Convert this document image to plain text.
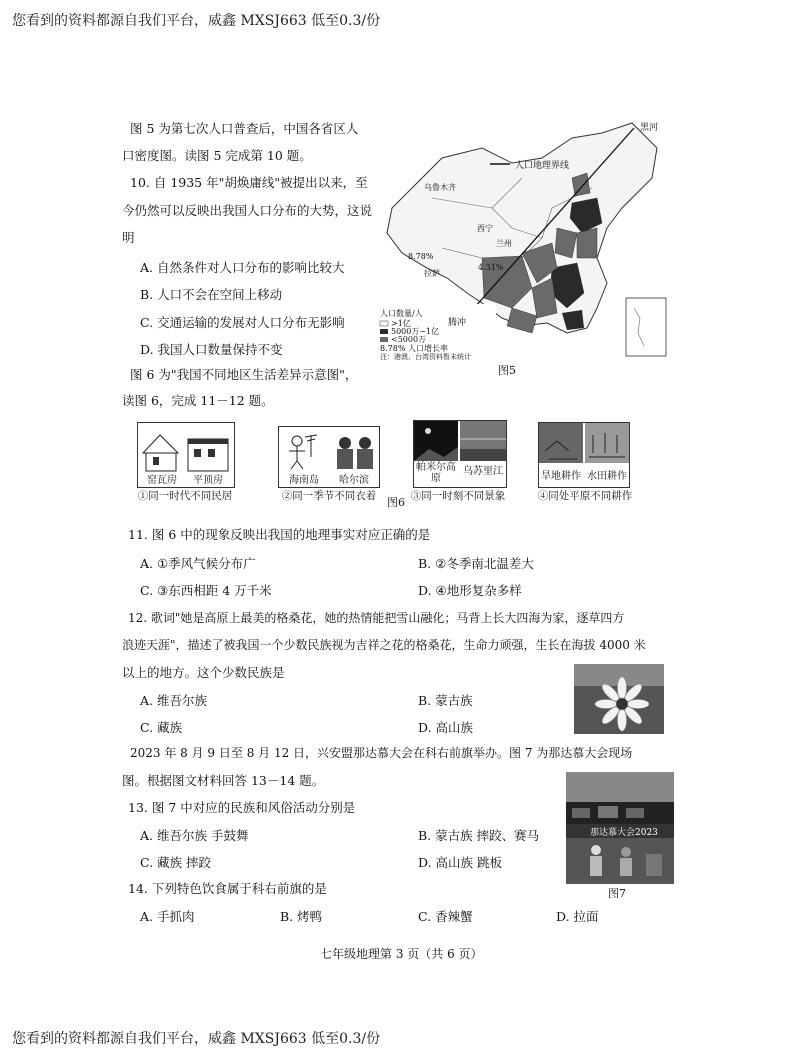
您看到的资料都源自我们平台，威鑫 MXSJ663 低至0.3/份
图 5 为第七次人口普查后，中国各省区人
口密度图。读图 5 完成第 10 题。
10. 自 1935 年"胡焕庸线"被提出以来，至
今仍然可以反映出我国人口分布的大势，这说
明
A. 自然条件对人口分布的影响比较大
B. 人口不会在空间上移动
C. 交通运输的发展对人口分布无影响
D. 我国人口数量保持不变
人口地理界线
黑河
腾冲
乌鲁木齐
西宁
兰州
拉萨
4.31%
8.78%
人口数量/人
>1亿
5000万~1亿
<5000万
8.78% 人口增长率
注：港澳、台湾资料暂未统计
图5
图 6 为"我国不同地区生活差异示意图"，
读图 6，完成 11－12 题。
窑瓦房	平顶房
①同一时代不同民居
海南岛	哈尔滨
②同一季节不同衣着
帕米尔高原
乌苏里江
③同一时刻不同景象
旱地耕作 水田耕作
④同处平原不同耕作
图6
11. 图 6 中的现象反映出我国的地理事实对应正确的是
A. ①季风气候分布广	B. ②冬季南北温差大
C. ③东西相距 4 万千米	D. ④地形复杂多样
12. 歌词"她是高原上最美的格桑花，她的热情能把雪山融化；马背上长大四海为家，逐草四方
浪迹天涯"，描述了被我国一个少数民族视为吉祥之花的格桑花，生命力顽强，生长在海拔 4000 米
以上的地方。这个少数民族是
A. 维吾尔族	B. 蒙古族
C. 藏族	D. 高山族
2023 年 8 月 9 日至 8 月 12 日，兴安盟那达慕大会在科右前旗举办。图 7 为那达慕大会现场
图。根据图文材料回答 13－14 题。
13. 图 7 中对应的民族和风俗活动分别是
A. 维吾尔族 手鼓舞	B. 蒙古族 摔跤、赛马
C. 藏族 摔跤	D. 高山族 跳板
那达慕大会2023
图7
14. 下列特色饮食属于科右前旗的是
A. 手抓肉	B. 烤鸭	C. 香辣蟹	D. 拉面
七年级地理第 3 页（共 6 页）
您看到的资料都源自我们平台，威鑫 MXSJ663 低至0.3/份
